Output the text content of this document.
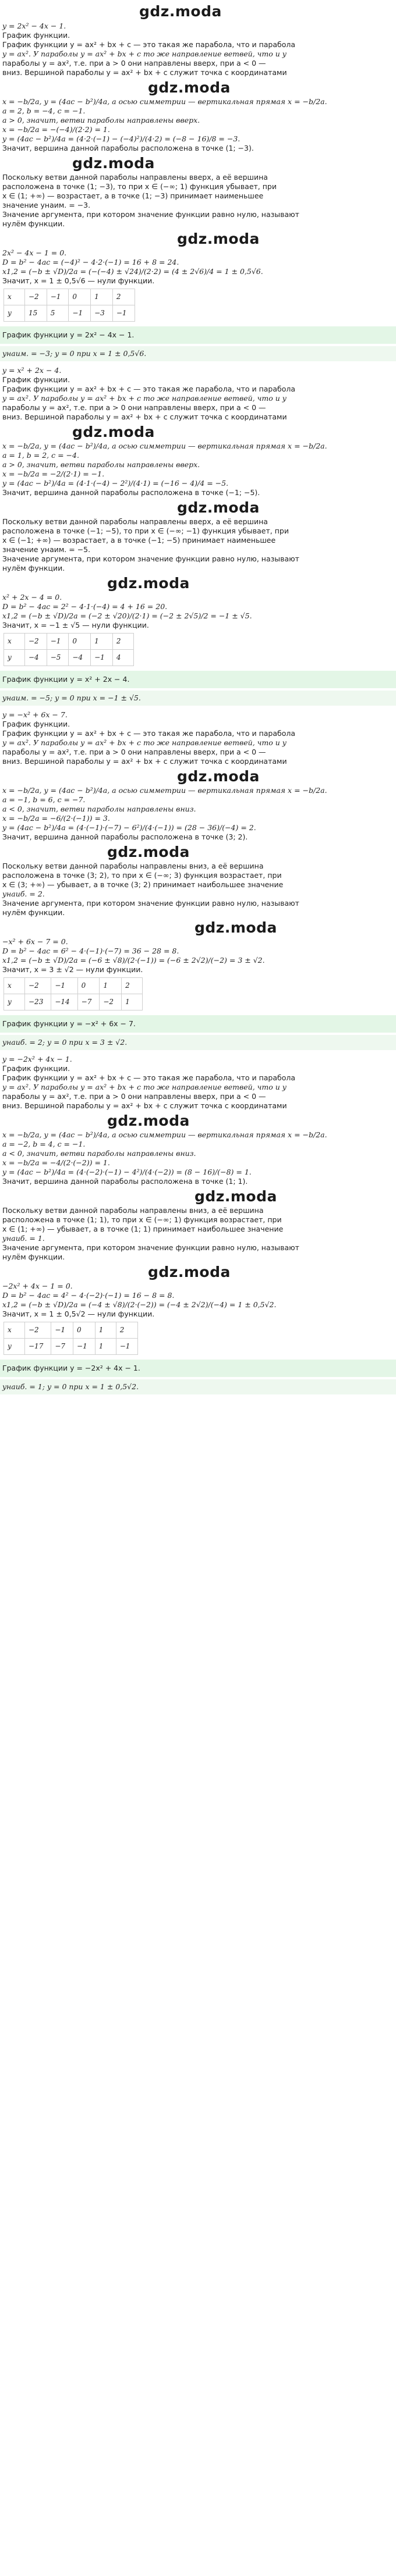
gdz.moda

y = 2x² − 4x − 1.

График функции.

График функции y = ax² + bx + c — это такая же парабола, что и парабола

y = ax². У параболы y = ax² + bx + c то же направление ветвей, что и у

параболы y = ax², т.е. при a > 0 они направлены вверх, при a < 0 —

вниз. Вершиной параболы y = ax² + bx + c служит точка с координатами

gdz.moda

x = −b/2a, y = (4ac − b²)/4a, а осью симметрии — вертикальная прямая x = −b/2a.

a = 2, b = −4, c = −1.

a > 0, значит, ветви параболы направлены вверх.

x = −b/2a = −(−4)/(2·2) = 1.

y = (4ac − b²)/4a = (4·2·(−1) − (−4)²)/(4·2) = (−8 − 16)/8 = −3.

Значит, вершина данной параболы расположена в точке (1; −3).

gdz.moda

Поскольку ветви данной параболы направлены вверх, а её вершина

расположена в точке (1; −3), то при x ∈ (−∞; 1) функция убывает, при

x ∈ (1; +∞) — возрастает, а в точке (1; −3) принимает наименьшее

значение yнаим. = −3.

Значение аргумента, при котором значение функции равно нулю, называют

нулём функции.

gdz.moda

2x² − 4x − 1 = 0.

D = b² − 4ac = (−4)² − 4·2·(−1) = 16 + 8 = 24.

x1,2 = (−b ± √D)/2a = (−(−4) ± √24)/(2·2) = (4 ± 2√6)/4 = 1 ± 0,5√6.

Значит, x = 1 ± 0,5√6 — нули функции.

x	−2	−1	0	1	2
y	15	5	−1	−3	−1

График функции y = 2x² − 4x − 1.

yнаим. = −3; y = 0 при x = 1 ± 0,5√6.

y = x² + 2x − 4.

График функции.

График функции y = ax² + bx + c — это такая же парабола, что и парабола

y = ax². У параболы y = ax² + bx + c то же направление ветвей, что и у

параболы y = ax², т.е. при a > 0 они направлены вверх, при a < 0 —

вниз. Вершиной параболы y = ax² + bx + c служит точка с координатами

gdz.moda

x = −b/2a, y = (4ac − b²)/4a, а осью симметрии — вертикальная прямая x = −b/2a.

a = 1, b = 2, c = −4.

a > 0, значит, ветви параболы направлены вверх.

x = −b/2a = −2/(2·1) = −1.

y = (4ac − b²)/4a = (4·1·(−4) − 2²)/(4·1) = (−16 − 4)/4 = −5.

Значит, вершина данной параболы расположена в точке (−1; −5).

gdz.moda

Поскольку ветви данной параболы направлены вверх, а её вершина

расположена в точке (−1; −5), то при x ∈ (−∞; −1) функция убывает, при

x ∈ (−1; +∞) — возрастает, а в точке (−1; −5) принимает наименьшее

значение yнаим. = −5.

Значение аргумента, при котором значение функции равно нулю, называют

нулём функции.

gdz.moda

x² + 2x − 4 = 0.

D = b² − 4ac = 2² − 4·1·(−4) = 4 + 16 = 20.

x1,2 = (−b ± √D)/2a = (−2 ± √20)/(2·1) = (−2 ± 2√5)/2 = −1 ± √5.

Значит, x = −1 ± √5 — нули функции.

x	−2	−1	0	1	2
y	−4	−5	−4	−1	4

График функции y = x² + 2x − 4.

yнаим. = −5; y = 0 при x = −1 ± √5.

y = −x² + 6x − 7.

График функции.

График функции y = ax² + bx + c — это такая же парабола, что и парабола

y = ax². У параболы y = ax² + bx + c то же направление ветвей, что и у

параболы y = ax², т.е. при a > 0 они направлены вверх, при a < 0 —

вниз. Вершиной параболы y = ax² + bx + c служит точка с координатами

gdz.moda

x = −b/2a, y = (4ac − b²)/4a, а осью симметрии — вертикальная прямая x = −b/2a.

a = −1, b = 6, c = −7.

a < 0, значит, ветви параболы направлены вниз.

x = −b/2a = −6/(2·(−1)) = 3.

y = (4ac − b²)/4a = (4·(−1)·(−7) − 6²)/(4·(−1)) = (28 − 36)/(−4) = 2.

Значит, вершина данной параболы расположена в точке (3; 2).

gdz.moda

Поскольку ветви данной параболы направлены вниз, а её вершина

расположена в точке (3; 2), то при x ∈ (−∞; 3) функция возрастает, при

x ∈ (3; +∞) — убывает, а в точке (3; 2) принимает наибольшее значение

yнаиб. = 2.

Значение аргумента, при котором значение функции равно нулю, называют

нулём функции.

gdz.moda

−x² + 6x − 7 = 0.

D = b² − 4ac = 6² − 4·(−1)·(−7) = 36 − 28 = 8.

x1,2 = (−b ± √D)/2a = (−6 ± √8)/(2·(−1)) = (−6 ± 2√2)/(−2) = 3 ± √2.

Значит, x = 3 ± √2 — нули функции.

x	−2	−1	0	1	2
y	−23	−14	−7	−2	1

График функции y = −x² + 6x − 7.

yнаиб. = 2; y = 0 при x = 3 ± √2.

y = −2x² + 4x − 1.

График функции.

График функции y = ax² + bx + c — это такая же парабола, что и парабола

y = ax². У параболы y = ax² + bx + c то же направление ветвей, что и у

параболы y = ax², т.е. при a > 0 они направлены вверх, при a < 0 —

вниз. Вершиной параболы y = ax² + bx + c служит точка с координатами

gdz.moda

x = −b/2a, y = (4ac − b²)/4a, а осью симметрии — вертикальная прямая x = −b/2a.

a = −2, b = 4, c = −1.

a < 0, значит, ветви параболы направлены вниз.

x = −b/2a = −4/(2·(−2)) = 1.

y = (4ac − b²)/4a = (4·(−2)·(−1) − 4²)/(4·(−2)) = (8 − 16)/(−8) = 1.

Значит, вершина данной параболы расположена в точке (1; 1).

gdz.moda

Поскольку ветви данной параболы направлены вниз, а её вершина

расположена в точке (1; 1), то при x ∈ (−∞; 1) функция возрастает, при

x ∈ (1; +∞) — убывает, а в точке (1; 1) принимает наибольшее значение

yнаиб. = 1.

Значение аргумента, при котором значение функции равно нулю, называют

нулём функции.

gdz.moda

−2x² + 4x − 1 = 0.

D = b² − 4ac = 4² − 4·(−2)·(−1) = 16 − 8 = 8.

x1,2 = (−b ± √D)/2a = (−4 ± √8)/(2·(−2)) = (−4 ± 2√2)/(−4) = 1 ± 0,5√2.

Значит, x = 1 ± 0,5√2 — нули функции.

x	−2	−1	0	1	2
y	−17	−7	−1	1	−1

График функции y = −2x² + 4x − 1.

yнаиб. = 1; y = 0 при x = 1 ± 0,5√2.
